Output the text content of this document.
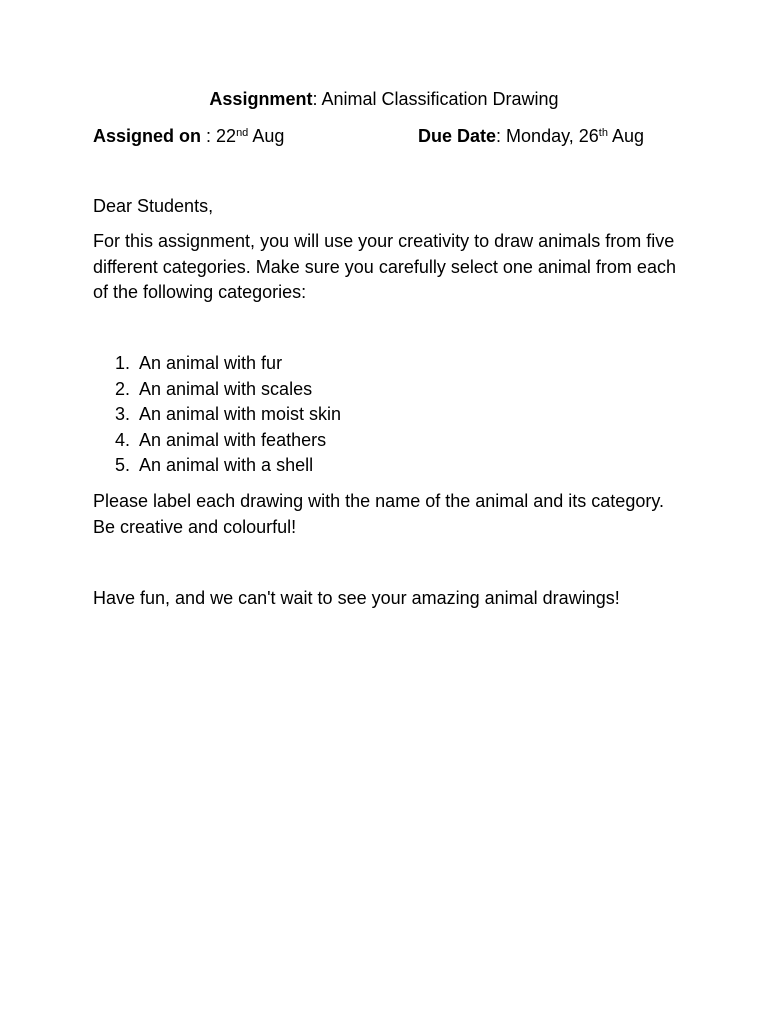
Assignment: Animal Classification Drawing
Assigned on : 22nd Aug	Due Date: Monday, 26th Aug
Dear Students,
For this assignment, you will use your creativity to draw animals from five different categories. Make sure you carefully select one animal from each of the following categories:
1. An animal with fur
2. An animal with scales
3. An animal with moist skin
4. An animal with feathers
5. An animal with a shell
Please label each drawing with the name of the animal and its category. Be creative and colourful!
Have fun, and we can't wait to see your amazing animal drawings!
